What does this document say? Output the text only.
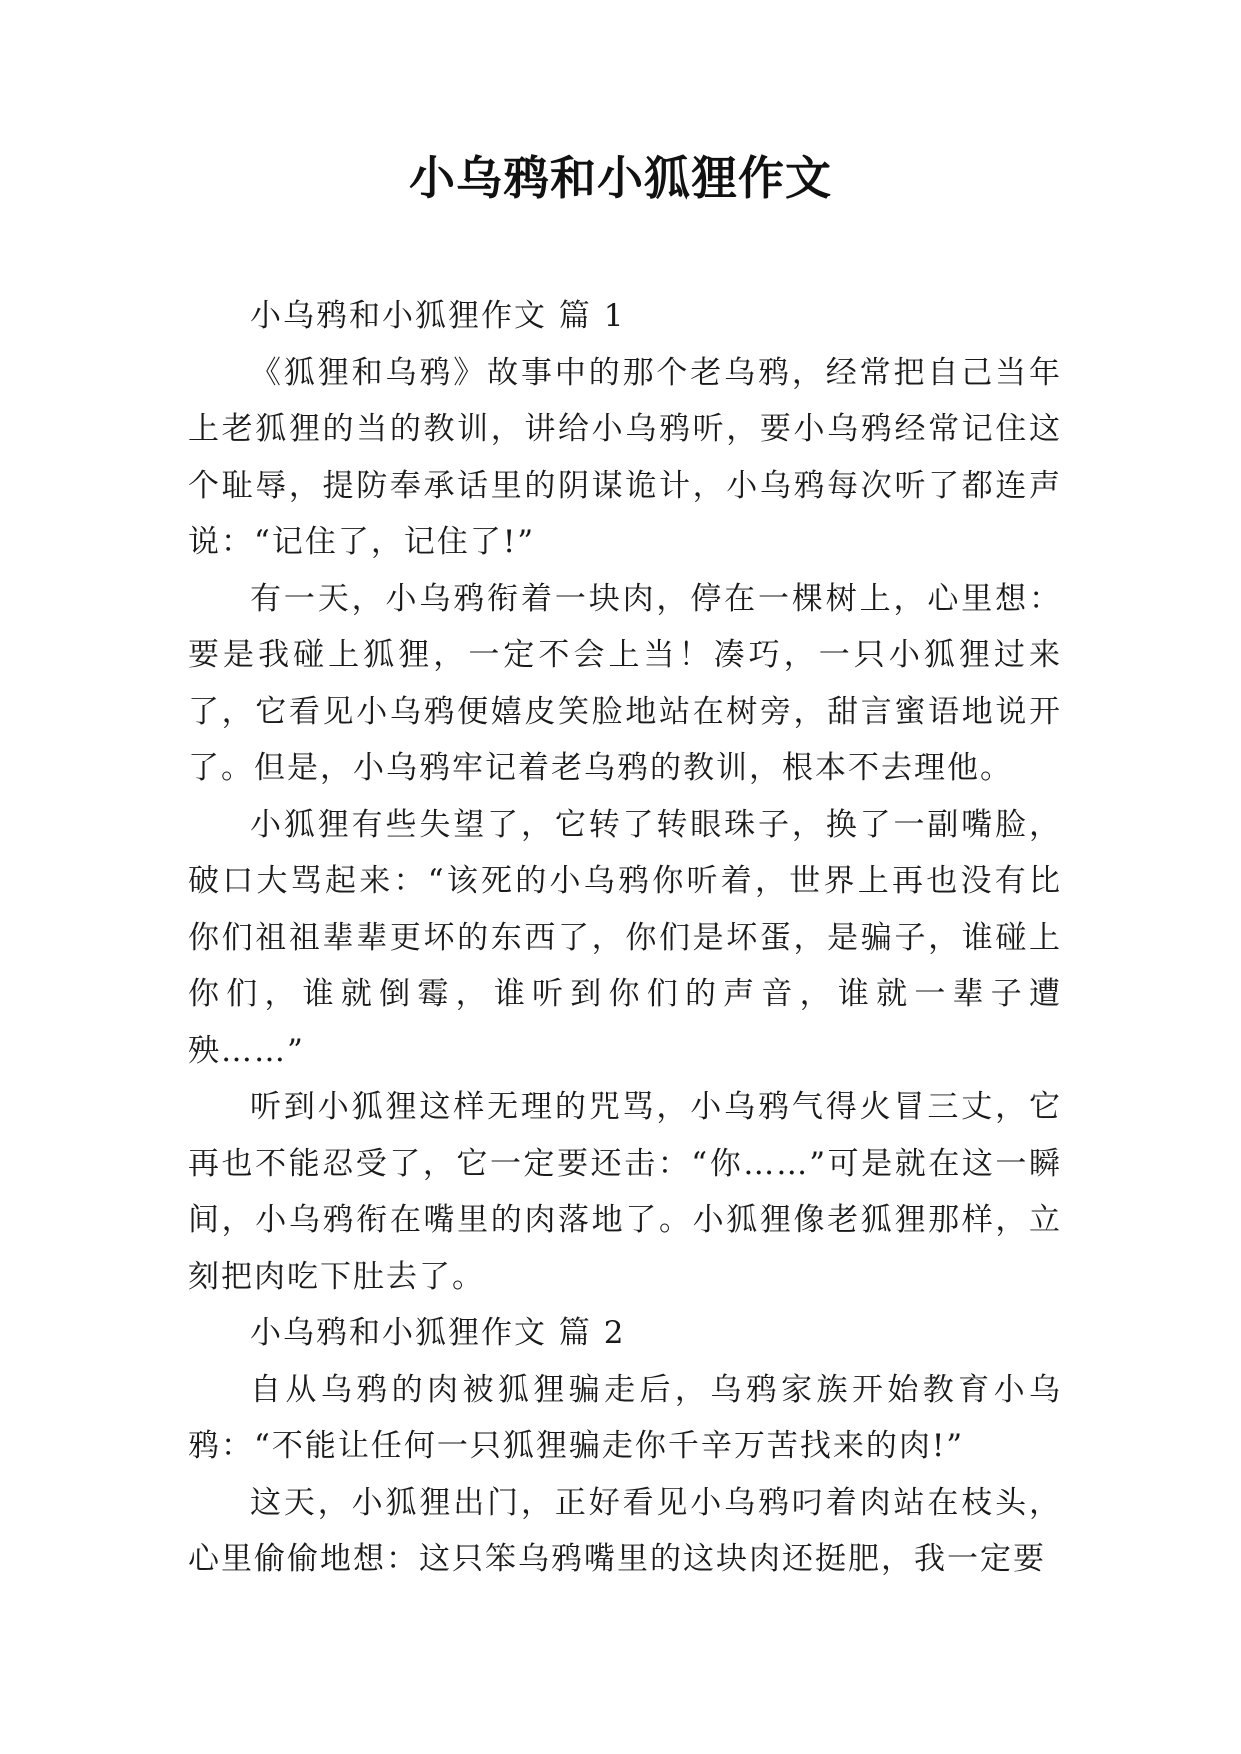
小乌鸦和小狐狸作文

小乌鸦和小狐狸作文 篇 1

《狐狸和乌鸦》故事中的那个老乌鸦，经常把自己当年上老狐狸的当的教训，讲给小乌鸦听，要小乌鸦经常记住这个耻辱，提防奉承话里的阴谋诡计，小乌鸦每次听了都连声说：“记住了，记住了!”

有一天，小乌鸦衔着一块肉，停在一棵树上，心里想：要是我碰上狐狸，一定不会上当！凑巧，一只小狐狸过来了，它看见小乌鸦便嬉皮笑脸地站在树旁，甜言蜜语地说开了。但是，小乌鸦牢记着老乌鸦的教训，根本不去理他。

小狐狸有些失望了，它转了转眼珠子，换了一副嘴脸，破口大骂起来：“该死的小乌鸦你听着，世界上再也没有比你们祖祖辈辈更坏的东西了，你们是坏蛋，是骗子，谁碰上你们，谁就倒霉，谁听到你们的声音，谁就一辈子遭殃……”

听到小狐狸这样无理的咒骂，小乌鸦气得火冒三丈，它再也不能忍受了，它一定要还击：“你……”可是就在这一瞬间，小乌鸦衔在嘴里的肉落地了。小狐狸像老狐狸那样，立刻把肉吃下肚去了。

小乌鸦和小狐狸作文 篇 2

自从乌鸦的肉被狐狸骗走后，乌鸦家族开始教育小乌鸦：“不能让任何一只狐狸骗走你千辛万苦找来的肉!”

这天，小狐狸出门，正好看见小乌鸦叼着肉站在枝头，心里偷偷地想：这只笨乌鸦嘴里的这块肉还挺肥，我一定要
